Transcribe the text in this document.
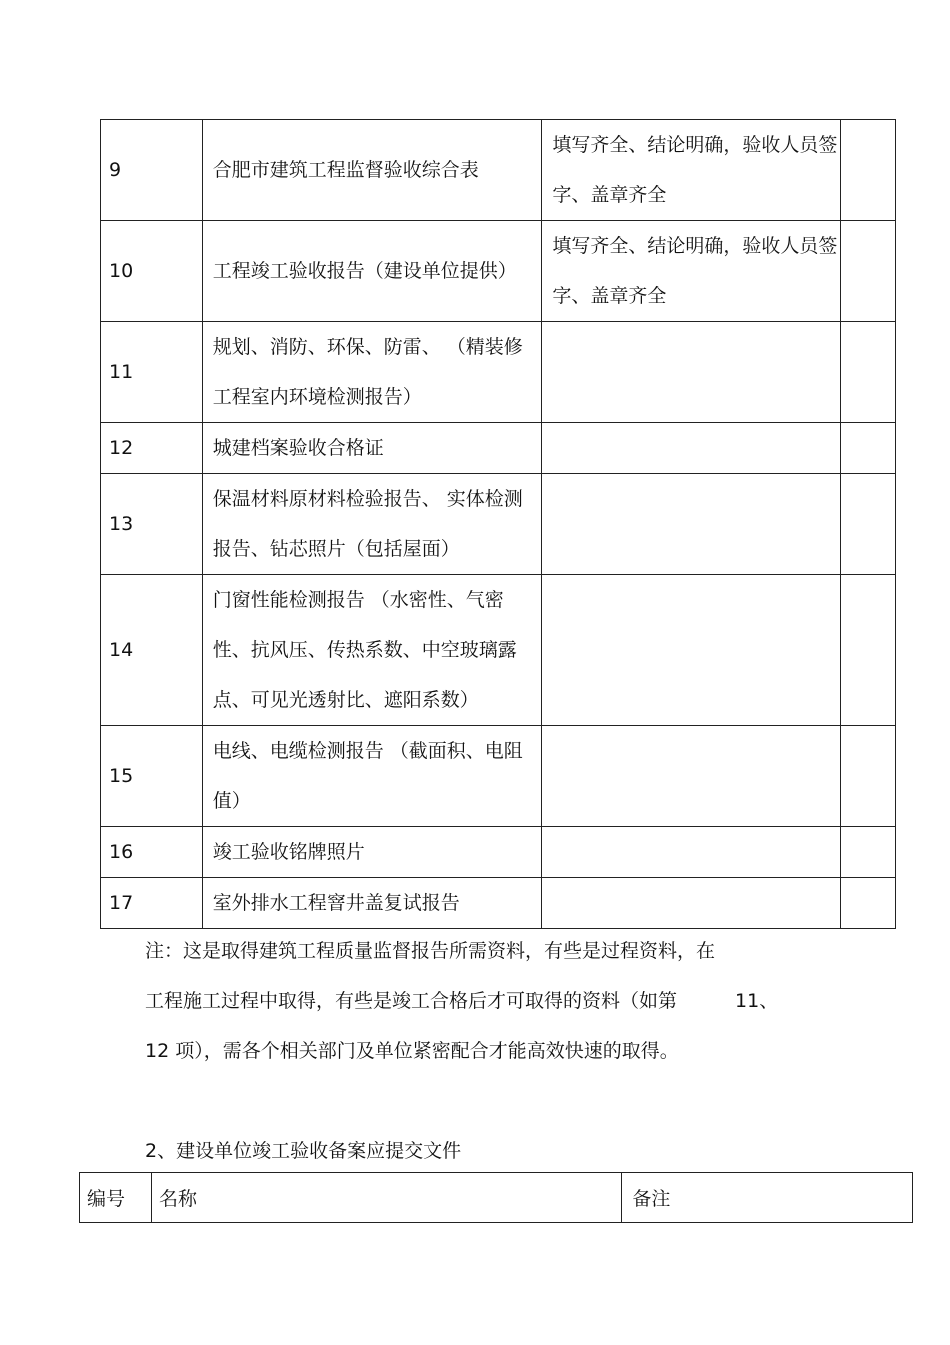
9	合肥市建筑工程监督验收综合表	填写齐全、结论明确，验收人员签字、盖章齐全	
10	工程竣工验收报告（建设单位提供）	填写齐全、结论明确，验收人员签字、盖章齐全	
11	规划、消防、环保、防雷、 （精装修工程室内环境检测报告）		
12	城建档案验收合格证		
13	保温材料原材料检验报告、 实体检测报告、钻芯照片（包括屋面）		
14	门窗性能检测报告 （水密性、气密性、抗风压、传热系数、中空玻璃露点、可见光透射比、遮阳系数）		
15	电线、电缆检测报告 （截面积、电阻值）		
16	竣工验收铭牌照片		
17	室外排水工程窨井盖复试报告		
注：这是取得建筑工程质量监督报告所需资料，有些是过程资料，在
工程施工过程中取得，有些是竣工合格后才可取得的资料（如第	11、
12 项），需各个相关部门及单位紧密配合才能高效快速的取得。
2、建设单位竣工验收备案应提交文件
编号	名称	备注
